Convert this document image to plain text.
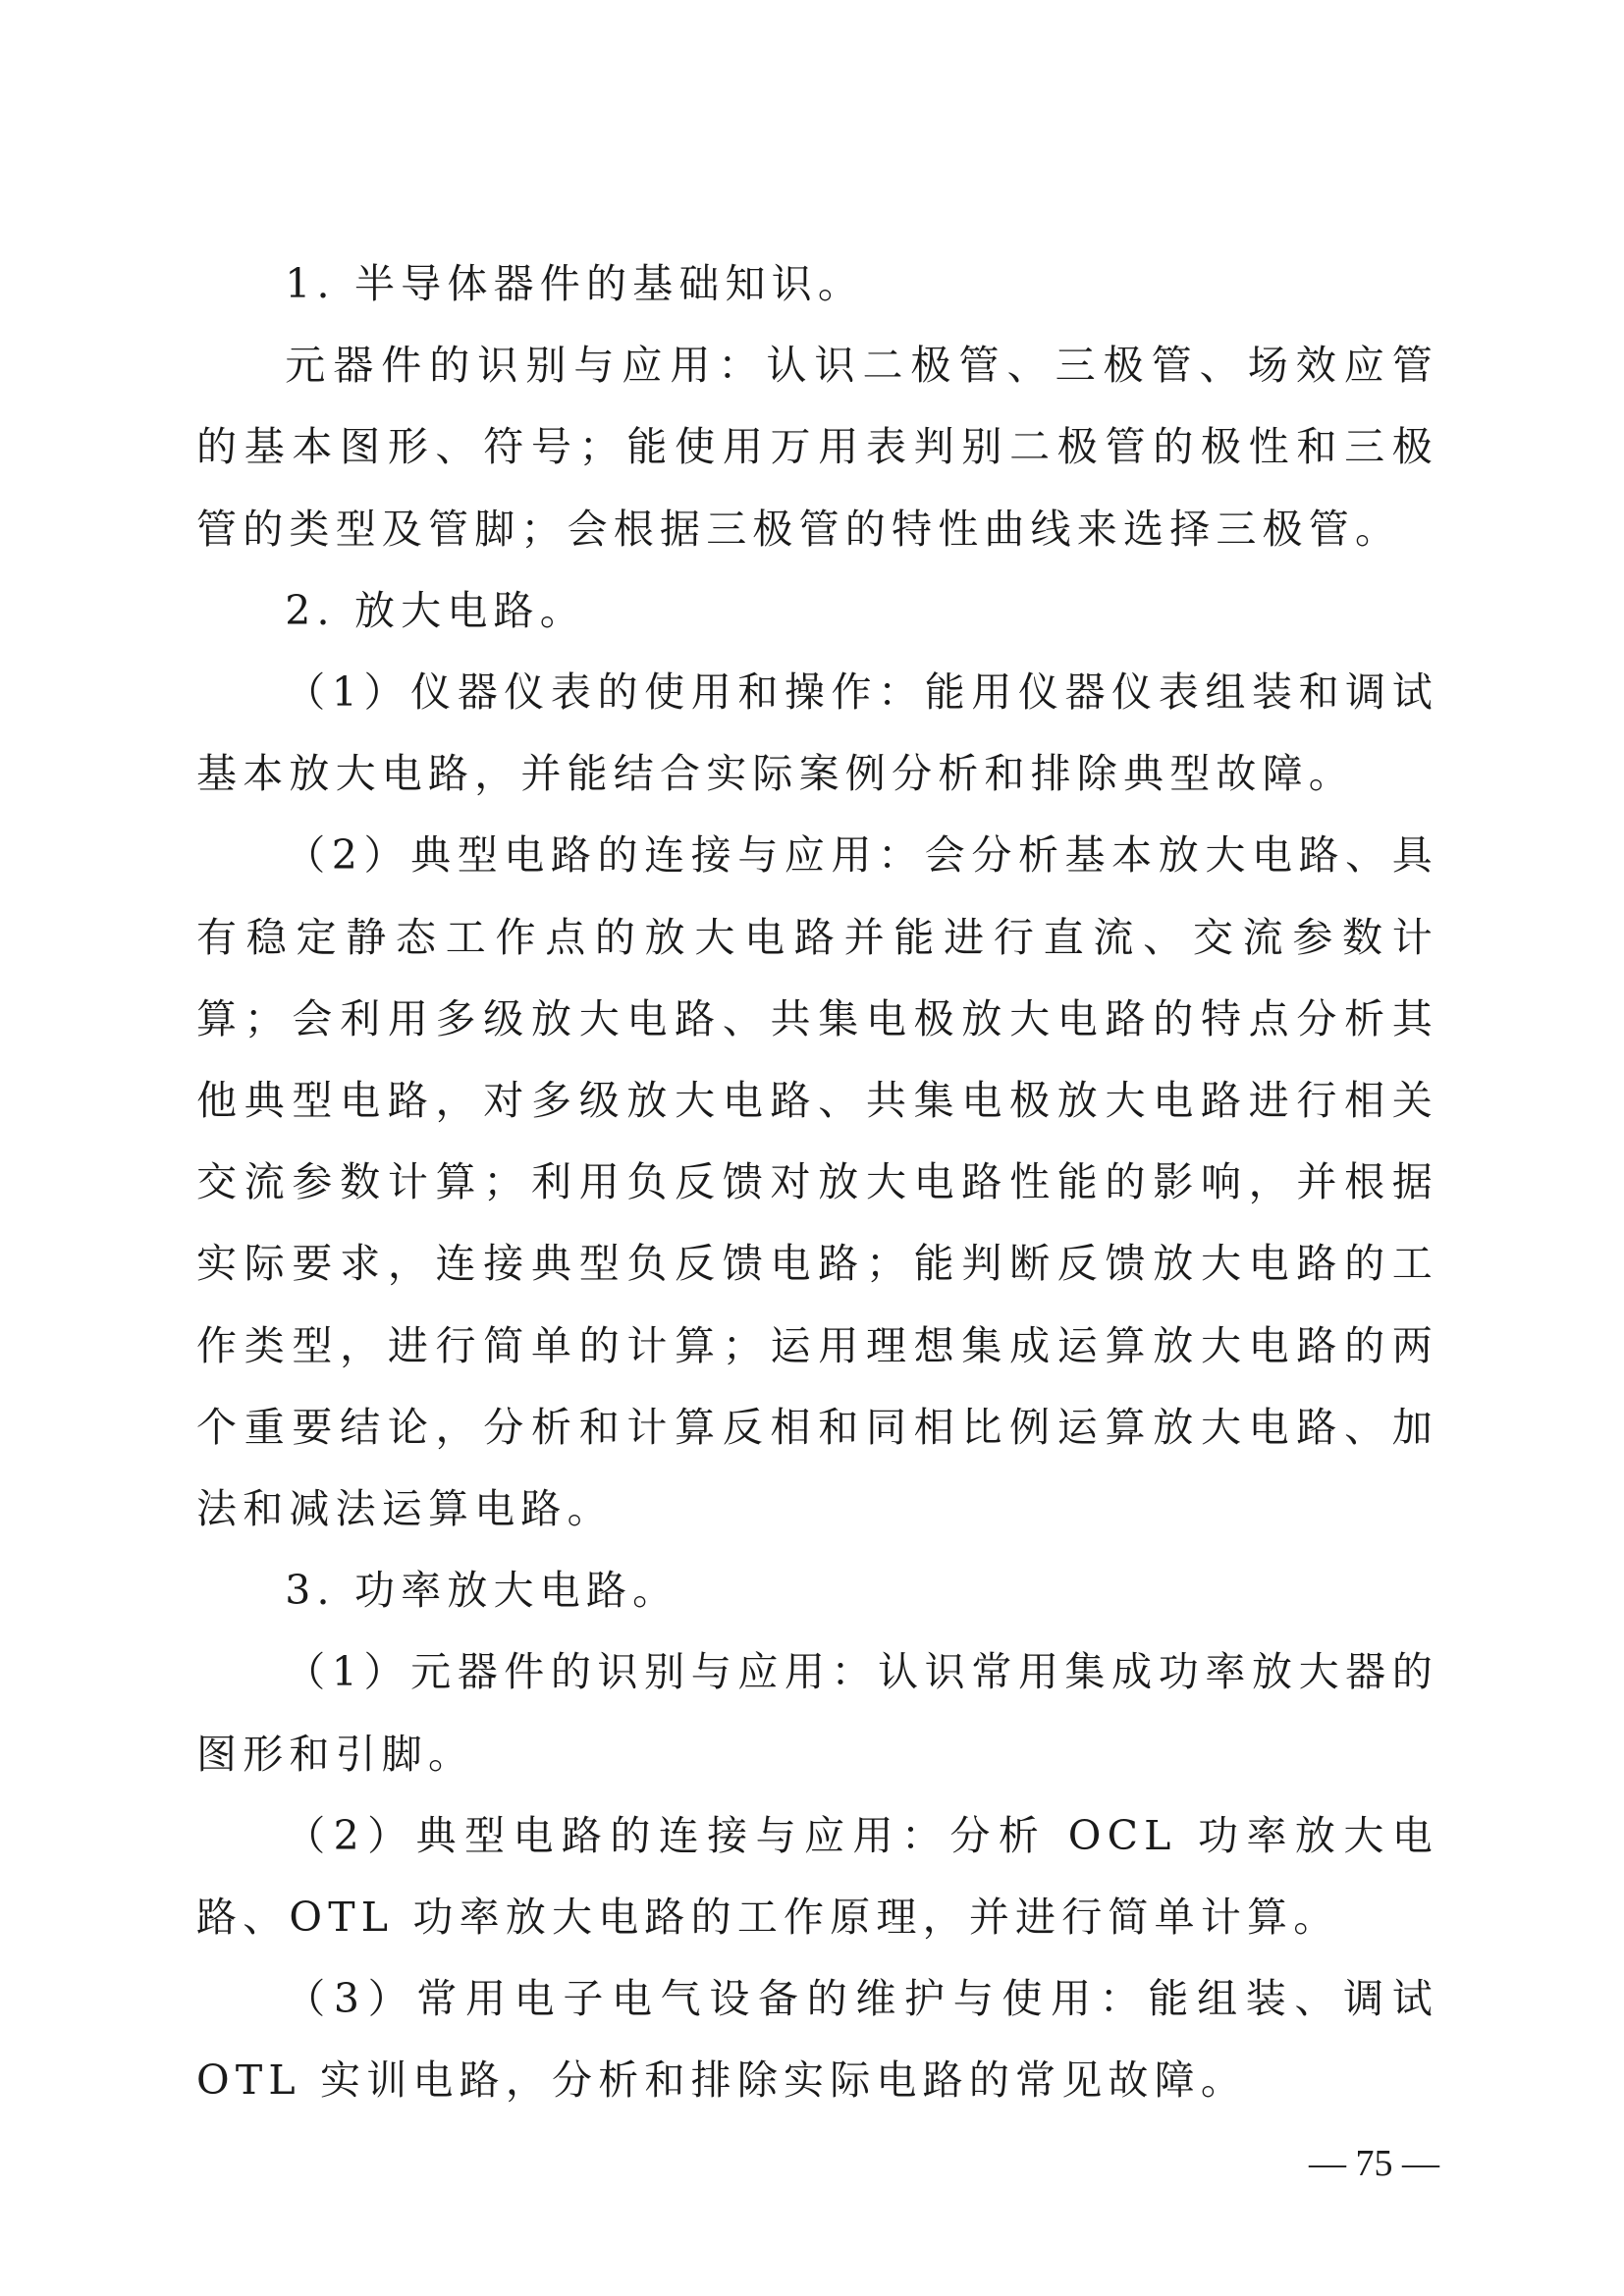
1. 半导体器件的基础知识。

元器件的识别与应用：认识二极管、三极管、场效应管的基本图形、符号；能使用万用表判别二极管的极性和三极管的类型及管脚；会根据三极管的特性曲线来选择三极管。

2. 放大电路。

（1）仪器仪表的使用和操作：能用仪器仪表组装和调试基本放大电路，并能结合实际案例分析和排除典型故障。

（2）典型电路的连接与应用：会分析基本放大电路、具有稳定静态工作点的放大电路并能进行直流、交流参数计算；会利用多级放大电路、共集电极放大电路的特点分析其他典型电路，对多级放大电路、共集电极放大电路进行相关交流参数计算；利用负反馈对放大电路性能的影响，并根据实际要求，连接典型负反馈电路；能判断反馈放大电路的工作类型，进行简单的计算；运用理想集成运算放大电路的两个重要结论，分析和计算反相和同相比例运算放大电路、加法和减法运算电路。

3. 功率放大电路。

（1）元器件的识别与应用：认识常用集成功率放大器的图形和引脚。

（2）典型电路的连接与应用：分析 OCL 功率放大电路、OTL 功率放大电路的工作原理，并进行简单计算。

（3）常用电子电气设备的维护与使用：能组装、调试 OTL 实训电路，分析和排除实际电路的常见故障。

— 75 —
